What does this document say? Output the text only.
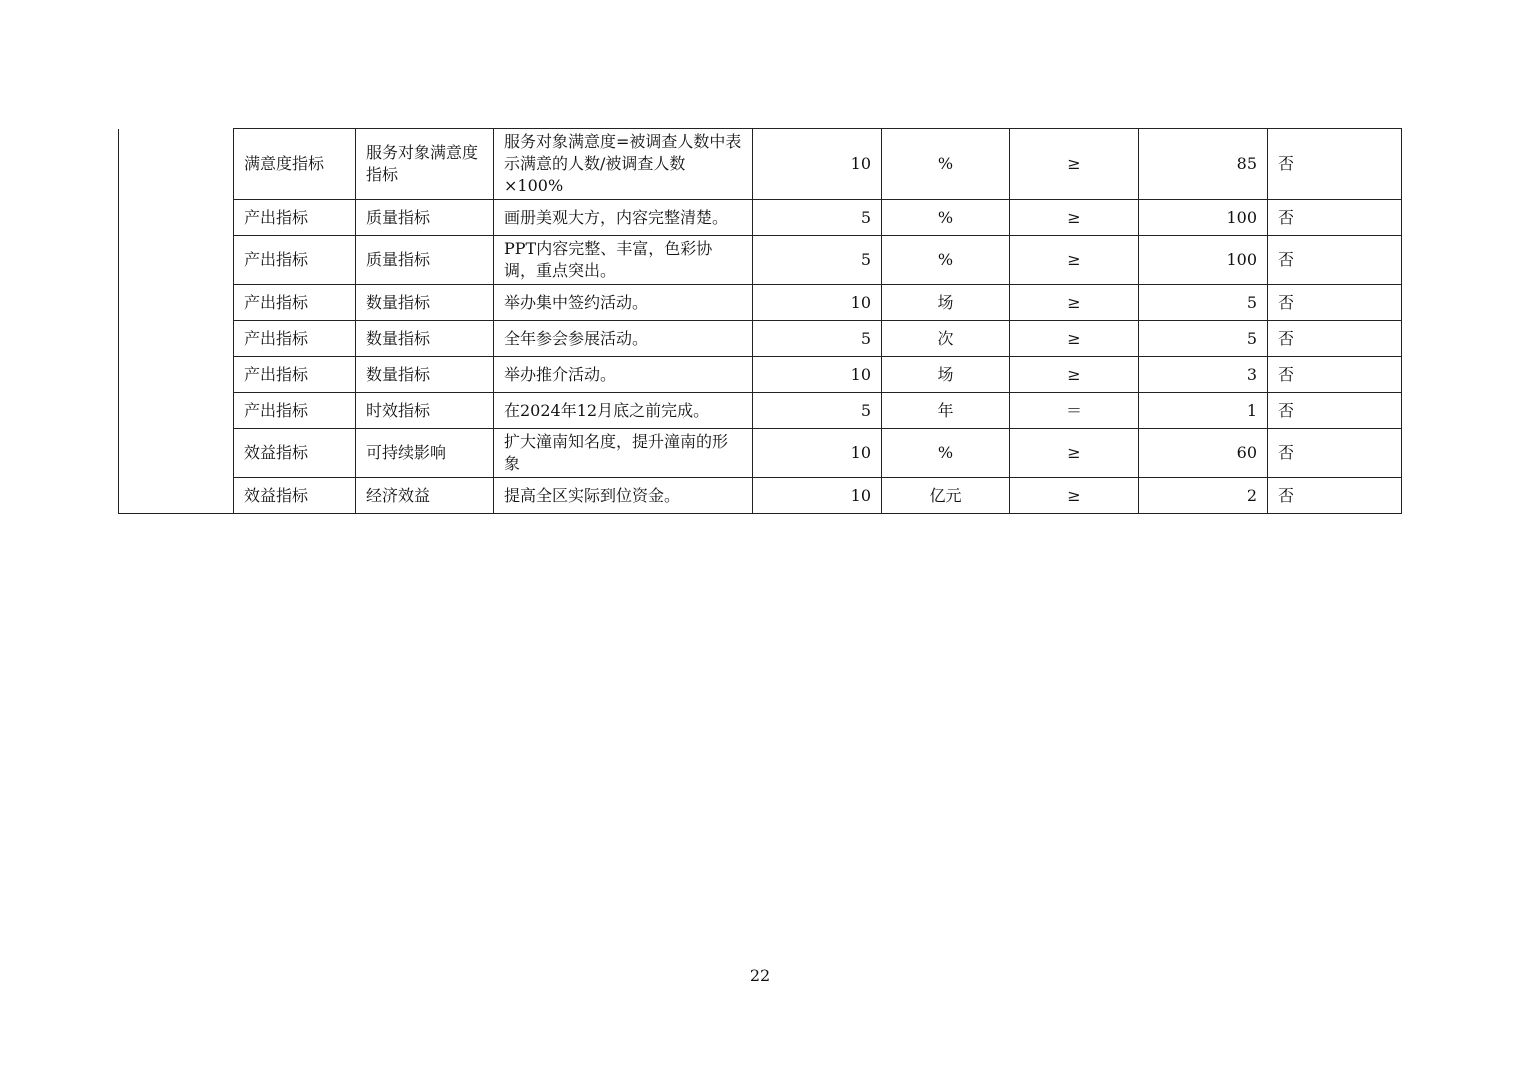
	满意度指标	服务对象满意度指标	服务对象满意度=被调查人数中表示满意的人数/被调查人数×100%	10	%	≥	85	否
	产出指标	质量指标	画册美观大方，内容完整清楚。	5	%	≥	100	否
	产出指标	质量指标	PPT内容完整、丰富，色彩协调，重点突出。	5	%	≥	100	否
	产出指标	数量指标	举办集中签约活动。	10	场	≥	5	否
	产出指标	数量指标	全年参会参展活动。	5	次	≥	5	否
	产出指标	数量指标	举办推介活动。	10	场	≥	3	否
	产出指标	时效指标	在2024年12月底之前完成。	5	年	＝	1	否
	效益指标	可持续影响	扩大潼南知名度，提升潼南的形象	10	%	≥	60	否
	效益指标	经济效益	提高全区实际到位资金。	10	亿元	≥	2	否
22
